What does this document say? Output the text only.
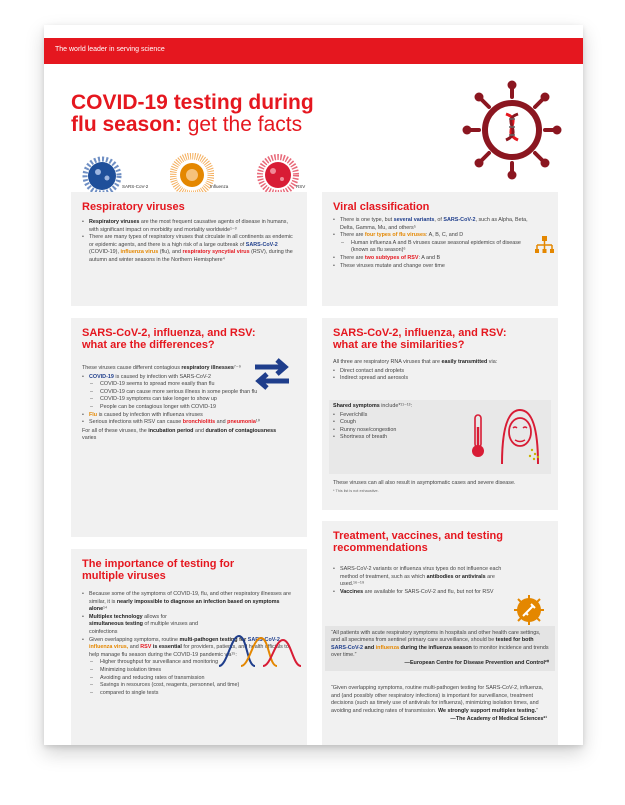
The world leader in serving science
COVID-19 testing during
flu season: get the facts
SARS-CoV-2	Influenza	RSV
Respiratory viruses
• Respiratory viruses are the most frequent causative agents of disease in humans, with significant impact on morbidity and mortality worldwide¹⁻³
• There are many types of respiratory viruses that circulate in all continents as endemic or epidemic agents, and there is a high risk of a large outbreak of SARS-CoV-2 (COVID-19), influenza virus (flu), and respiratory syncytial virus (RSV), during the autumn and winter seasons in the Northern Hemisphere⁴
Viral classification
• There is one type, but several variants, of SARS-CoV-2, such as Alpha, Beta, Delta, Gamma, Mu, and others⁵
• There are four types of flu viruses: A, B, C, and D
– Human influenza A and B viruses cause seasonal epidemics of disease (known as flu season)⁶
• There are two subtypes of RSV: A and B
• These viruses mutate and change over time
SARS-CoV-2, influenza, and RSV:
what are the differences?

These viruses cause different contagious respiratory illnesses⁷⁻⁹

• COVID-19 is caused by infection with SARS-CoV-2
– COVID-19 seems to spread more easily than flu
– COVID-19 can cause more serious illness in some people than flu
– COVID-19 symptoms can take longer to show up
– People can be contagious longer with COVID-19
• Flu is caused by infection with influenza viruses
• Serious infections with RSV can cause bronchiolitis and pneumonia¹⁰

For all of these viruses, the incubation period and duration of contagiousness varies

SARS-CoV-2, influenza, and RSV:
what are the similarities?

All three are respiratory RNA viruses that are easily transmitted via:

• Direct contact and droplets
• Indirect spread and aerosols

Shared symptoms include*¹¹⁻¹³:

• Fever/chills
• Cough
• Runny nose/congestion
• Shortness of breath

These viruses can all also result in asymptomatic cases and severe disease.

* This list is not exhaustive.

The importance of testing for
multiple viruses
• Because some of the symptoms of COVID-19, flu, and other respiratory illnesses are similar, it is nearly impossible to diagnose an infection based on symptoms alone¹⁴
• Multiplex technology allows for simultaneous testing of multiple viruses and coinfections
• Given overlapping symptoms, routine multi-pathogen testing for SARS-CoV-2, influenza virus, and RSV is essential for providers, patients, and health officials to help manage flu season during the COVID-19 pandemic via¹⁵:
– Higher throughput for surveillance and monitoring
– Minimizing isolation times
– Avoiding and reducing rates of transmission
– Savings in resources (cost, reagents, personnel, and time)
– compared to single tests
Treatment, vaccines, and testing
recommendations
• SARS-CoV-2 variants or influenza virus types do not influence each method of treatment, such as which antibodies or antivirals are used.¹⁶⁻¹⁹
• Vaccines are available for SARS-CoV-2 and flu, but not for RSV
“All patients with acute respiratory symptoms in hospitals and other health care settings, and all specimens from sentinel primary care surveillance, should be tested for both SARS-CoV-2 and influenza during the influenza season to monitor incidence and trends over time.”
—European Centre for Disease Prevention and Control²⁰

“Given overlapping symptoms, routine multi-pathogen testing for SARS-CoV-2, influenza, and (and possibly other respiratory infections) is important for surveillance, treatment decisions (such as timely use of antivirals for influenza), minimizing isolation times, and avoiding and reducing rates of transmission. We strongly support multiplex testing.”

—The Academy of Medical Sciences²¹
